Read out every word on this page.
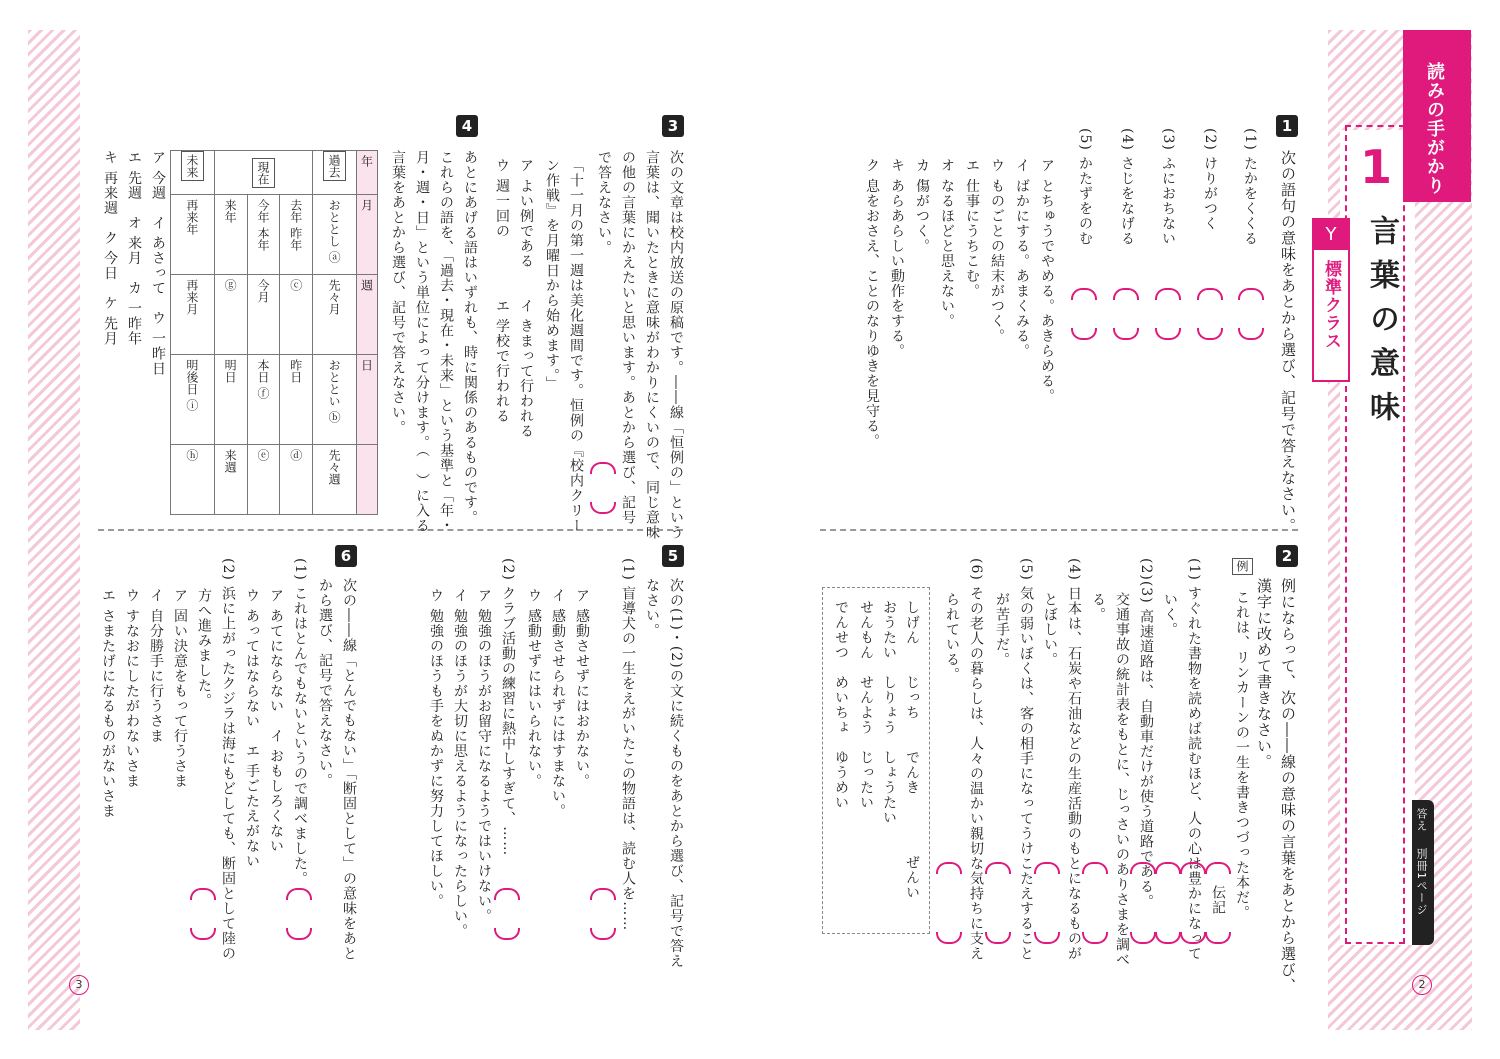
読みの手がかり
答え
別冊1ページ
1
言葉の意味
Y
標準クラス
3	2
1
次の語句の意味をあとから選び、記号で答えなさい。
(1) たかをくくる
(2) けりがつく
(3) ふにおちない
(4) さじをなげる
(5) かたずをのむ
ア とちゅうでやめる。あきらめる。
イ ばかにする。あまくみる。
ウ ものごとの結末がつく。
エ 仕事にうちこむ。
オ なるほどと思えない。
カ 傷がつく。
キ あらあらしい動作をする。
ク 息をおさえ、ことのなりゆきを見守る。
2
例にならって、次の――線の意味の言葉をあとから選び、
漢字に改めて書きなさい。
例
これは、リンカーンの一生を書きつづった本だ。
伝記
(1) すぐれた書物を読めば読むほど、人の心は豊かになって
いく。
(2)(3) 高速道路は、自動車だけが使う道路である。
交通事故の統計表をもとに、じっさいのありさまを調べ
る。
(4) 日本は、石炭や石油などの生産活動のもとになるものが
とぼしい。
(5) 気の弱いぼくは、客の相手になってうけこたえすること
が苦手だ。
(6) その老人の暮らしは、人々の温かい親切な気持ちに支え
られている。
しげん　　じっち　　でんき　　　　ぜんい
おうたい　しりょう　しょうたい
せんもん　せんよう　じったい
でんせつ　めいちょ　ゆうめい
3
次の文章は校内放送の原稿です。――線「恒例の」という
言葉は、聞いたときに意味がわかりにくいので、同じ意味
の他の言葉にかえたいと思います。あとから選び、記号
で答えなさい。
「十一月の第一週は美化週間です。恒例の『校内クリー
ン作戦』を月曜日から始めます。」
ア よい例である　　イ きまって行われる
ウ 週一回の　　　　エ 学校で行われる
4
あとにあげる語はいずれも、時に関係のあるものです。
これらの語を、「過去・現在・未来」という基準と「年・
月・週・日」という単位によって分けます。（　）に入る
言葉をあとから選び、記号で答えなさい。
未来	現在			過去	年

再来年	来年	今年 本年	去年 昨年	おととし ⓐ	月

再来月	ⓖ	今月	ⓒ	先々月	週

明後日 ⓘ	明日	本日 ⓕ	昨日	おととい ⓑ	日

ⓗ	来週	ⓔ	ⓓ	先々週	

ア 今週　イ あさって　ウ 一昨日
エ 先週　オ 来月　カ 一昨年
キ 再来週　ク 今日　ケ 先月
5
次の(1)・(2)の文に続くものをあとから選び、記号で答え
なさい。
(1) 盲導犬の一生をえがいたこの物語は、読む人を……
ア 感動させずにはおかない。
イ 感動させられずにはすまない。
ウ 感動せずにはいられない。
(2) クラブ活動の練習に熱中しすぎて、……
ア 勉強のほうがお留守になるようではいけない。
イ 勉強のほうが大切に思えるようになったらしい。
ウ 勉強のほうも手をぬかずに努力してほしい。
6
次の――線「とんでもない」「断固として」の意味をあと
から選び、記号で答えなさい。
(1) これはとんでもないというので調べました。
ア あてにならない　イ おもしろくない
ウ あってはならない　エ 手ごたえがない
(2) 浜に上がったクジラは海にもどしても、断固として陸の
方へ進みました。
ア 固い決意をもって行うさま
イ 自分勝手に行うさま
ウ すなおにしたがわないさま
エ さまたげになるものがないさま
